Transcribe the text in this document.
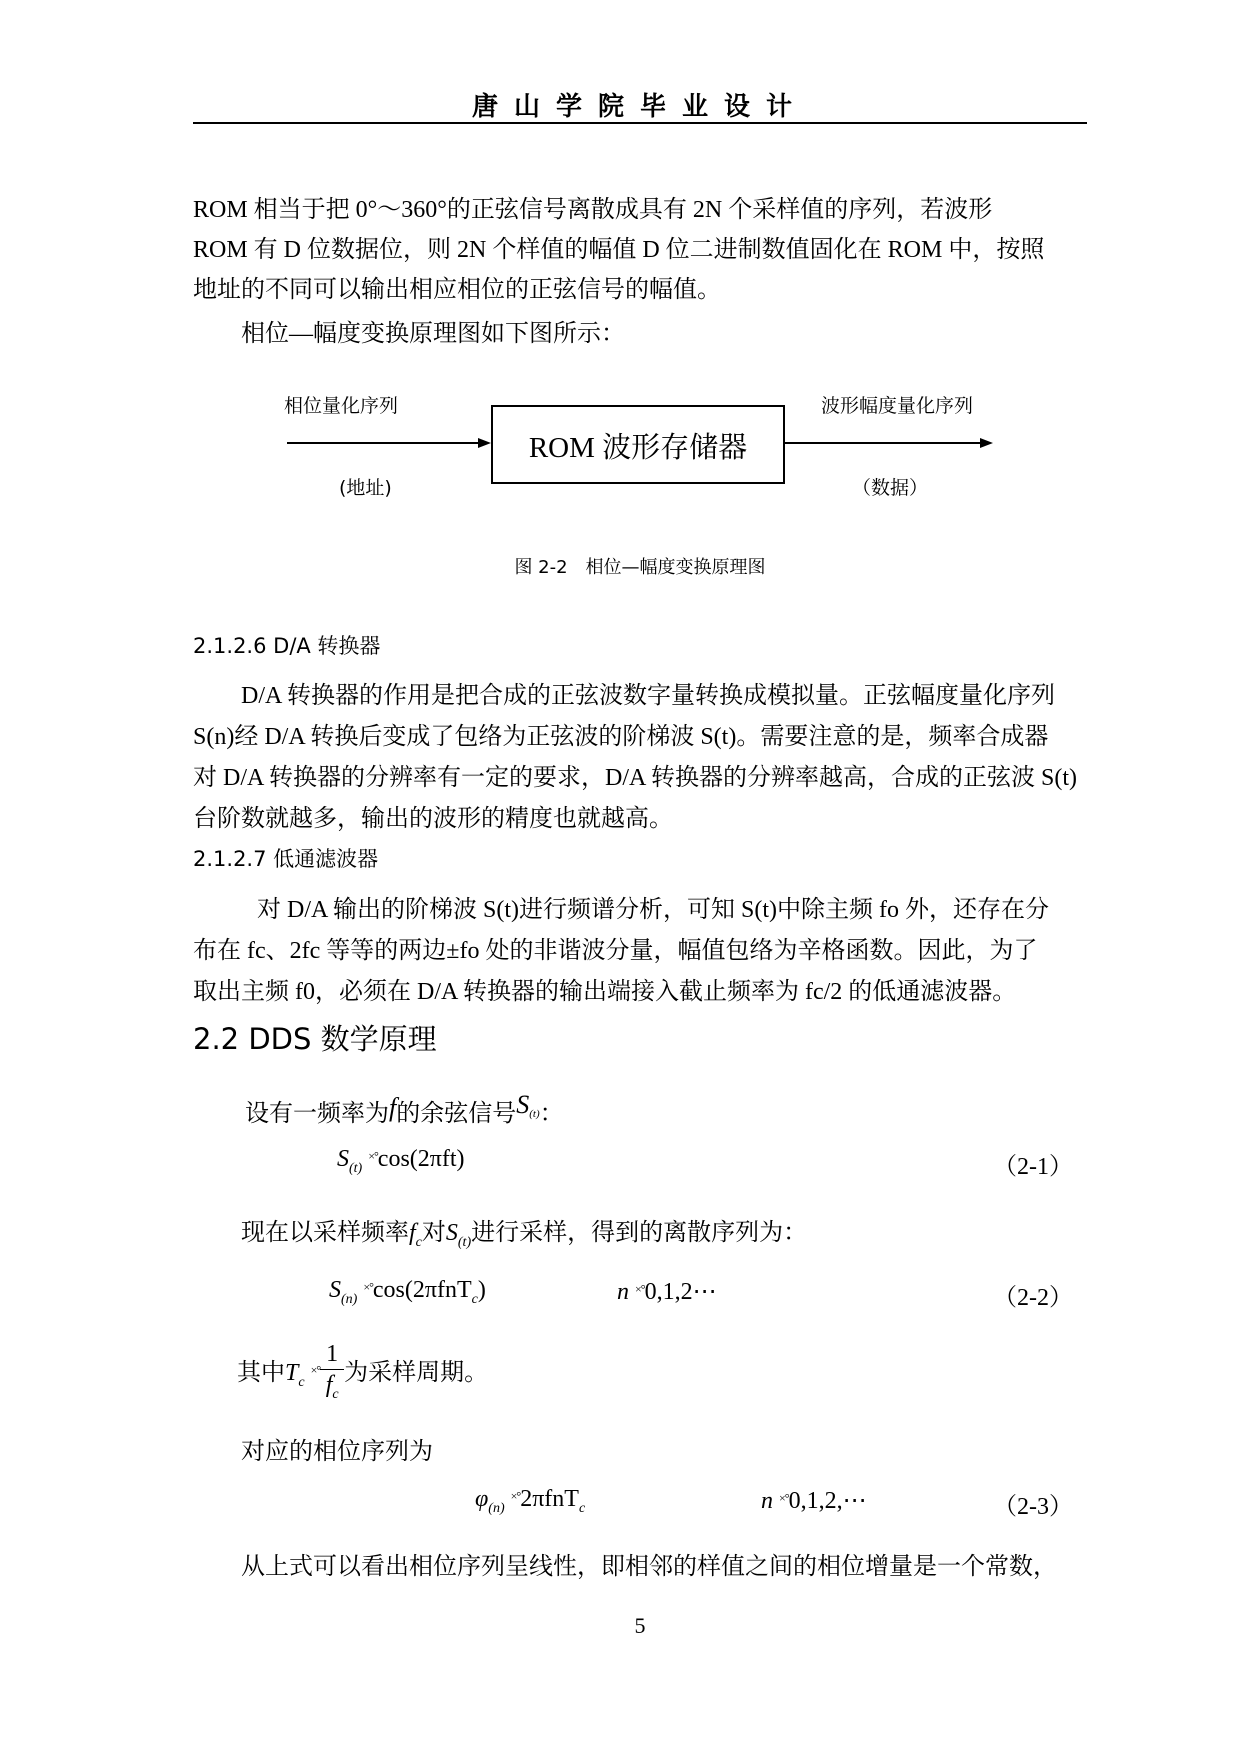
唐山学院毕业设计
ROM 相当于把 0°～360°的正弦信号离散成具有 2N 个采样值的序列，若波形
ROM 有 D 位数据位，则 2N 个样值的幅值 D 位二进制数值固化在 ROM 中，按照
地址的不同可以输出相应相位的正弦信号的幅值。
相位—幅度变换原理图如下图所示：
相位量化序列
(地址)
ROM 波形存储器
波形幅度量化序列
（数据）
图 2-2　相位—幅度变换原理图
2.1.2.6 D/A 转换器
D/A 转换器的作用是把合成的正弦波数字量转换成模拟量。正弦幅度量化序列
S(n)经 D/A 转换后变成了包络为正弦波的阶梯波 S(t)。需要注意的是，频率合成器
对 D/A 转换器的分辨率有一定的要求，D/A 转换器的分辨率越高，合成的正弦波 S(t)
台阶数就越多，输出的波形的精度也就越高。
2.1.2.7 低通滤波器
对 D/A 输出的阶梯波 S(t)进行频谱分析，可知 S(t)中除主频 fo 外，还存在分
布在 fc、2fc 等等的两边±fo 处的非谐波分量，幅值包络为辛格函数。因此，为了
取出主频 f0，必须在 D/A 转换器的输出端接入截止频率为 fc/2 的低通滤波器。
2.2 DDS 数学原理
设有一频率为f的余弦信号$S^{(t)}$：
$S_{(t)}$ ×°cos(2πft)	（2-1）
现在以采样频率$f_c$对$S_{(t)}$进行采样，得到的离散序列为：
$S_{(n)}$ ×°cos(2πfnT$_c$)	n ×°0,1,2⋯	（2-2）
其中$T_c$ $^{\times^\circ} \frac{1}{f_c}$ 为采样周期。
对应的相位序列为
$\varphi_{(n)}$ ×°2πfnT$_c$	n ×°0,1,2,⋯	（2-3）
从上式可以看出相位序列呈线性，即相邻的样值之间的相位增量是一个常数，
5
